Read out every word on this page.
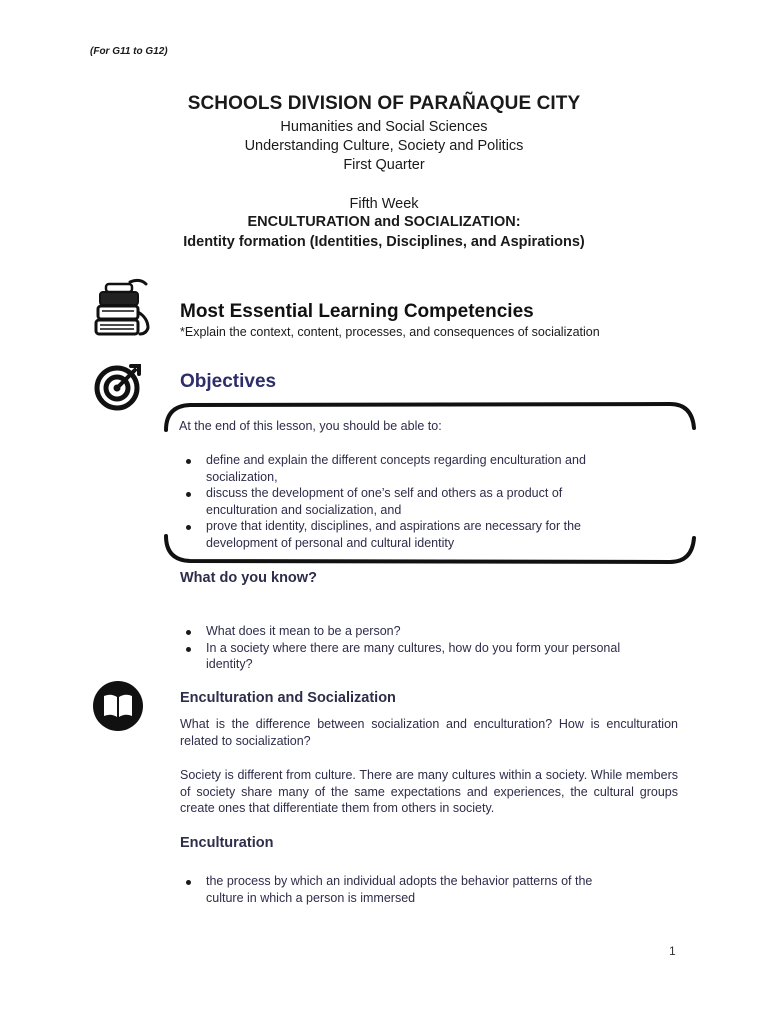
(For G11 to G12)
SCHOOLS DIVISION OF PARAÑAQUE CITY
Humanities and Social Sciences
Understanding Culture, Society and Politics
First Quarter
Fifth Week
ENCULTURATION and SOCIALIZATION:
Identity formation (Identities, Disciplines, and Aspirations)
Most Essential Learning Competencies
*Explain the context, content, processes, and consequences of socialization
Objectives
At the end of this lesson, you should be able to:
define and explain the different concepts regarding enculturation and
socialization,
discuss the development of one’s self and others as a product of
enculturation and socialization, and
prove that identity, disciplines, and aspirations are necessary for the
development of personal and cultural identity
What do you know?
What does it mean to be a person?
In a society where there are many cultures, how do you form your personal
identity?
Enculturation and Socialization
What is the difference between socialization and enculturation? How is enculturation related to socialization?
Society is different from culture. There are many cultures within a society. While members of society share many of the same expectations and experiences, the cultural groups create ones that differentiate them from others in society.
Enculturation
the process by which an individual adopts the behavior patterns of the
culture in which a person is immersed
1
